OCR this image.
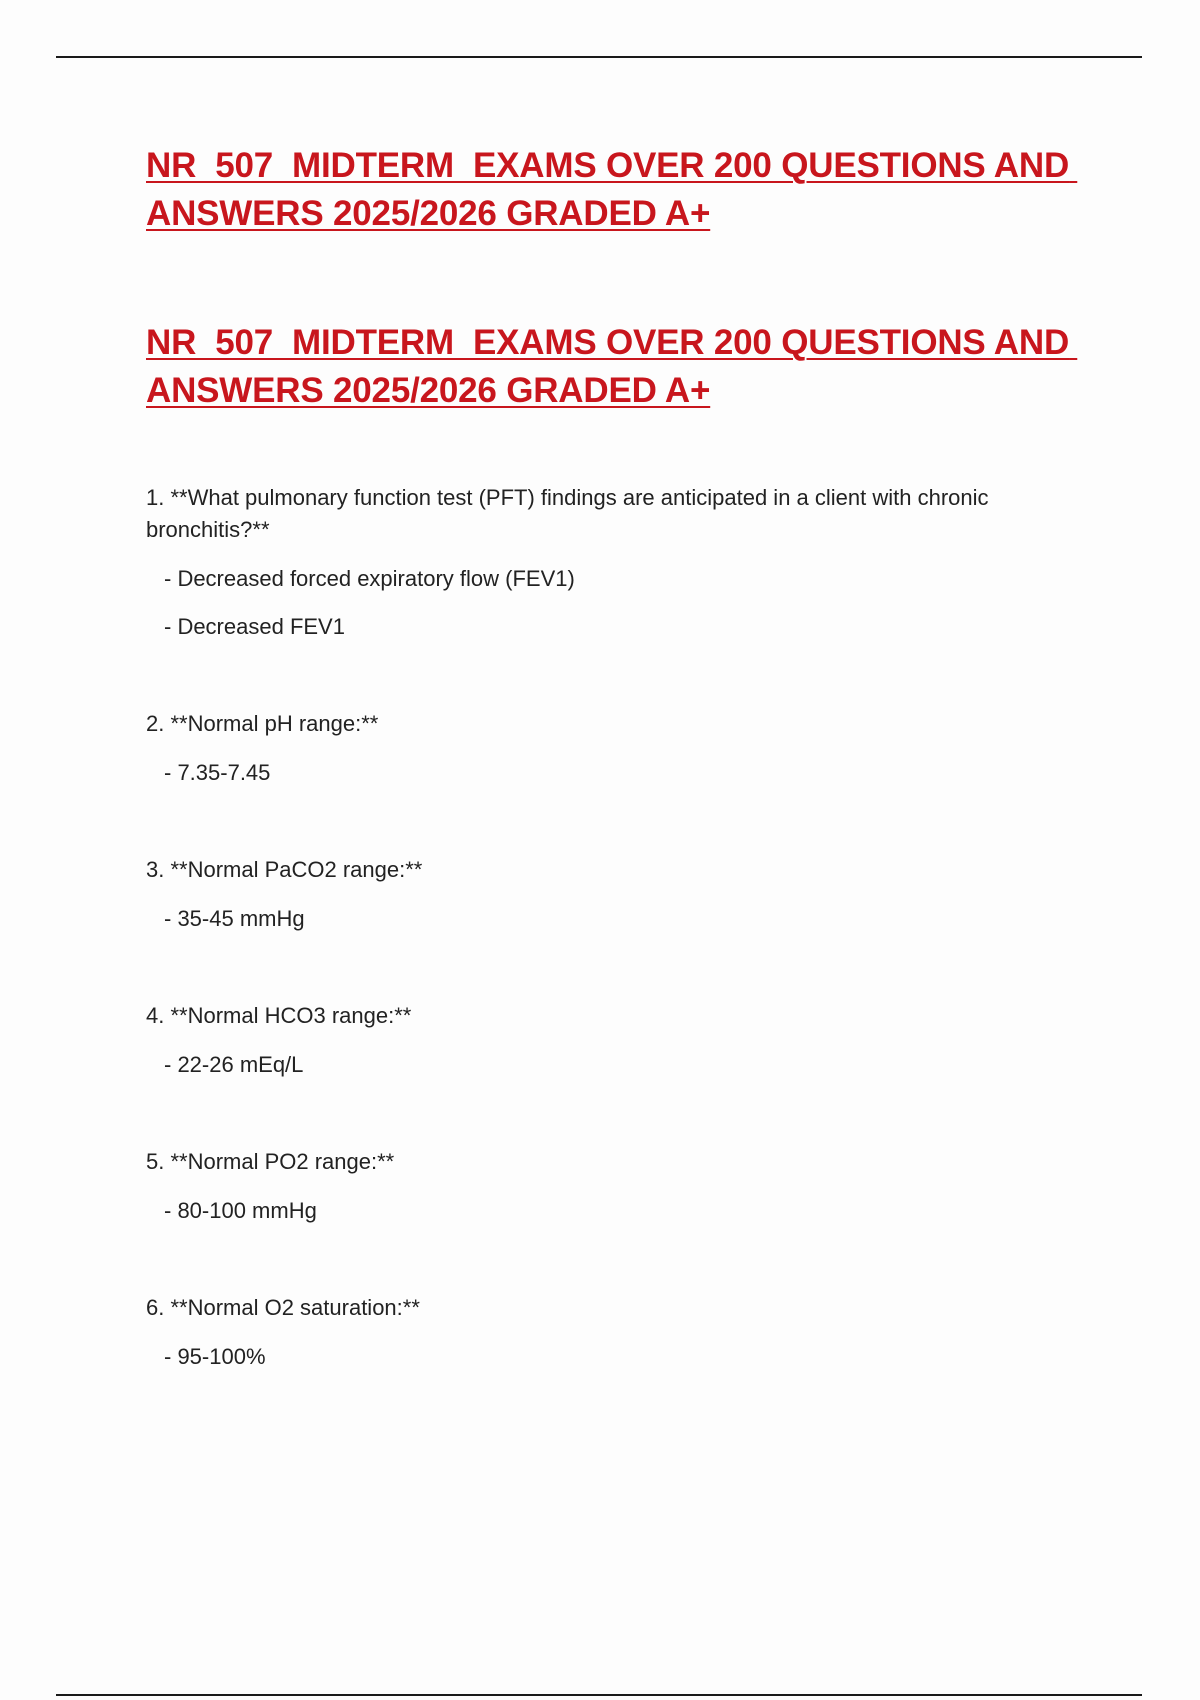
NR  507  MIDTERM  EXAMS OVER 200 QUESTIONS AND ANSWERS 2025/2026 GRADED A+
NR  507  MIDTERM  EXAMS OVER 200 QUESTIONS AND ANSWERS 2025/2026 GRADED A+

1. **What pulmonary function test (PFT) findings are anticipated in a client with chronic bronchitis?**

- Decreased forced expiratory flow (FEV1)

- Decreased FEV1

2. **Normal pH range:**

- 7.35-7.45

3. **Normal PaCO2 range:**

- 35-45 mmHg

4. **Normal HCO3 range:**

- 22-26 mEq/L

5. **Normal PO2 range:**

- 80-100 mmHg

6. **Normal O2 saturation:**

- 95-100%
